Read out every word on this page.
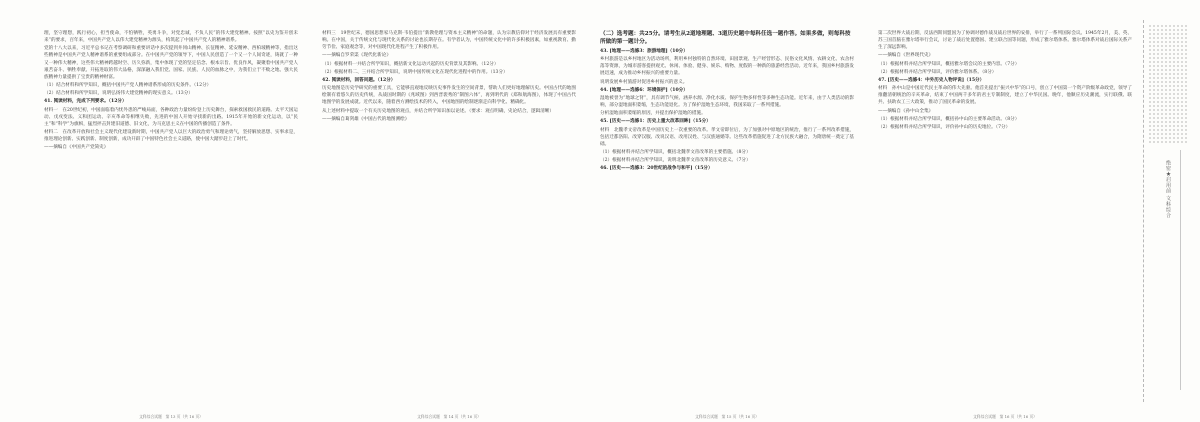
理，坚守理想，践行初心，担当使命，不怕牺牲，英勇斗争，对党忠诚，不负人民”的伟大建党精神。按照“以史为鉴开创未来”的要求，百年来，中国共产党人以伟大建党精神为源头，构筑起了中国共产党人的精神谱系。

党的十八大以来，习近平总书记在考察调研和重要讲话中多次提到井冈山精神、长征精神、延安精神、西柏坡精神等，指出这些精神是中国共产党人精神谱系的重要组成部分。在中国共产党的领导下，中国人民创造了一个又一个人间奇迹，铸就了一种又一种伟大精神，这些伟大精神跨越时空、历久弥新，集中体现了党的坚定信念、根本宗旨、优良作风，凝聚着中国共产党人艰苦奋斗、牺牲奉献、开拓进取的伟大品格，深深融入我们党、国家、民族、人民的血脉之中，为我们立于不败之地、强大民族精神力量提供了宝贵的精神财富。

（1）结合材料和所学知识，概括中国共产党人精神谱系形成的历史条件。（12分）

（2）结合材料和所学知识，说明弘扬伟大建党精神的现实意义。（13分）

41. 阅读材料，完成下列要求。（12分）

材料一　在20世纪初，中国面临着内忧外患的严峻局面，各种政治力量纷纷登上历史舞台，探索救国救民的道路。太平天国运动、戊戌变法、义和团运动、辛亥革命等相继失败，先进的中国人开始寻找新的出路。1915年开始的新文化运动，以“民主”和“科学”为旗帜，猛烈抨击封建旧道德、旧文化，为马克思主义在中国的传播创造了条件。

材料二　在改革开放和社会主义现代化建设新时期，中国共产党人以巨大的政治勇气和理论勇气，坚持解放思想、实事求是，推进理论创新、实践创新、制度创新，成功开辟了中国特色社会主义道路，使中国大踏步赶上了时代。

——摘编自《中国共产党简史》

材料三　19世纪末，德国思想家马克斯·韦伯提出“新教伦理与资本主义精神”的命题，认为宗教信仰对于经济发展具有重要影响。在中国，关于传统文化与现代化关系的讨论也长期存在。有学者认为，中国传统文化中的许多积极因素，如重视教育、勤劳节俭、家庭观念等，对中国现代化进程产生了积极作用。

——摘编自罗荣渠《现代化新论》

（1）根据材料一并结合所学知识，概括新文化运动兴起的历史背景及其影响。（12分）

（2）根据材料二、三并结合所学知识，说明中国传统文化在现代化进程中的作用。（13分）

42. 阅读材料，回答问题。（12分）

历史地图是历史学研究的重要工具，它能够直观地反映历史事件发生的空间背景，帮助人们更好地理解历史。中国古代的地图绘制有着悠久的历史传统，从战国时期的《兆域图》到西晋裴秀的“制图六体”，再到明代的《郑和航海图》，体现了中国古代地图学的发展成就。近代以来，随着西方测绘技术的传入，中国地图的绘制逐渐走向科学化、精确化。

从上述材料中提取一个有关历史地图的观点，并结合所学知识加以论述。（要求：观点明确，史论结合，逻辑清晰）

——摘编自葛剑雄《中国古代的地图测绘》

（二）选考题：共25分。请考生从2道地理题、3道历史题中每科任选一题作答。如果多做，则每科按所做的第一题计分。

43. [地理——选修3：旅游地理]（10分）

乡村旅游是以乡村地区为活动场所，利用乡村独特的自然环境、田园景观、生产经营形态、民俗文化风情、农耕文化、农舍村落等资源，为城市游客提供观光、休闲、体验、健身、娱乐、购物、度假的一种新的旅游经营活动。近年来，我国乡村旅游发展迅速，成为推动乡村振兴的重要力量。

说明发展乡村旅游对促进乡村振兴的意义。

44. [地理——选修6：环境保护]（10分）

湿地被誉为“地球之肾”，具有调节气候、涵养水源、净化水质、保护生物多样性等多种生态功能。近年来，由于人类活动的影响，部分湿地面积萎缩，生态功能退化。为了保护湿地生态环境，我国采取了一系列措施。

分析湿地面积萎缩的原因，并提出保护湿地的措施。

45. [历史——选修1：历史上重大改革回眸]（15分）

材料　北魏孝文帝改革是中国历史上一次重要的改革。孝文帝即位后，为了加强对中原地区的统治，推行了一系列改革措施，包括迁都洛阳、改穿汉服、改说汉语、改用汉姓、与汉族通婚等。这些改革措施促进了北方民族大融合，为隋唐统一奠定了基础。

（1）根据材料并结合所学知识，概括北魏孝文帝改革的主要措施。（8分）

（2）根据材料并结合所学知识，说明北魏孝文帝改革的历史意义。（7分）

46. [历史——选修3：20世纪的战争与和平]（15分）

第二次世界大战后期，反法西斯同盟国为了协调对德作战及战后世界的安排，举行了一系列国际会议。1945年2月，美、英、苏三国首脑在雅尔塔举行会议，讨论了战后处置德国、建立联合国等问题，形成了雅尔塔体系。雅尔塔体系对战后国际关系产生了深远影响。

——摘编自《世界现代史》

（1）根据材料并结合所学知识，概括雅尔塔会议的主要内容。（7分）

（2）根据材料并结合所学知识，评价雅尔塔体系。（8分）

47. [历史——选修4：中外历史人物评说]（15分）

材料　孙中山是中国近代民主革命的伟大先驱。他首先提出“振兴中华”的口号，创立了中国第一个资产阶级革命政党，领导了推翻清朝统治的辛亥革命，结束了中国两千多年的君主专制制度，建立了中华民国。晚年，他顺应历史潮流，实行联俄、联共、扶助农工三大政策，推动了国民革命的发展。

——摘编自《孙中山全集》

（1）根据材料并结合所学知识，概括孙中山的主要革命活动。（8分）

（2）根据材料并结合所学知识，评价孙中山的历史地位。（7分）

文科综合试题　第 13 页（共 16 页）	文科综合试题　第 14 页（共 16 页）	文科综合试题　第 15 页（共 16 页）	文科综合试题　第 16 页（共 16 页）
绝密★启用前 文科综合
